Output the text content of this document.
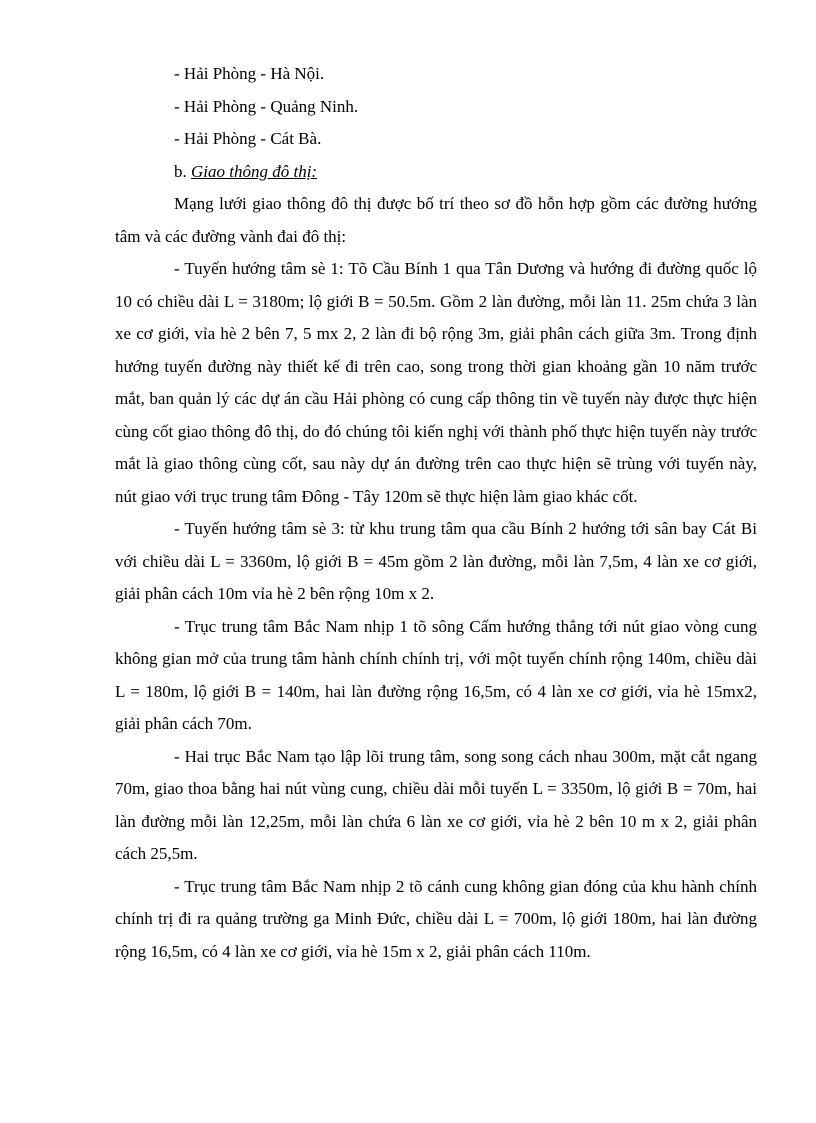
- Hải Phòng - Hà Nội.

- Hải Phòng - Quảng Ninh.

- Hải Phòng - Cát Bà.

b. Giao thông đô thị:

Mạng lưới giao thông đô thị được bố trí theo sơ đồ hỗn hợp gồm các đường hướng tâm và các đường vành đai đô thị:

- Tuyến hướng tâm sè 1: Tõ Cầu Bính 1 qua Tân Dương và hướng đi đường quốc lộ 10 có chiều dài L = 3180m; lộ giới B = 50.5m. Gồm 2 làn đường, mỗi làn 11. 25m chứa 3 làn xe cơ giới, vỉa hè 2 bên 7, 5 mx 2, 2 làn đi bộ rộng 3m, giải phân cách giữa 3m. Trong định hướng tuyến đường này thiết kế đi trên cao, song trong thời gian khoảng gần 10 năm trước mắt, ban quản lý các dự án cầu Hải phòng có cung cấp thông tin về tuyến này được thực hiện cùng cốt giao thông đô thị, do đó chúng tôi kiến nghị với thành phố thực hiện tuyến này trước mắt là giao thông cùng cốt, sau này dự án đường trên cao thực hiện sẽ trùng với tuyến này, nút giao với trục trung tâm Đông - Tây 120m sẽ thực hiện làm giao khác cốt.

- Tuyến hướng tâm sè 3: từ khu trung tâm qua cầu Bính 2 hướng tới sân bay Cát Bi với chiều dài L = 3360m, lộ giới B = 45m gồm 2 làn đường, mỗi làn 7,5m, 4 làn xe cơ giới, giải phân cách 10m vỉa hè 2 bên rộng 10m x 2.

- Trục trung tâm Bắc Nam nhịp 1 tõ sông Cấm hướng thẳng tới nút giao vòng cung không gian mở của trung tâm hành chính chính trị, với một tuyến chính rộng 140m, chiều dài L = 180m, lộ giới B = 140m, hai làn đường rộng 16,5m, có 4 làn xe cơ giới, vỉa hè 15mx2, giải phân cách 70m.

- Hai trục Bắc Nam tạo lập lõi trung tâm, song song cách nhau 300m, mặt cắt ngang 70m, giao thoa bằng hai nút vùng cung, chiều dài mỗi tuyến L = 3350m, lộ giới B = 70m, hai làn đường mỗi làn 12,25m, mỗi làn chứa 6 làn xe cơ giới, vỉa hè 2 bên 10 m x 2, giải phân cách 25,5m.

- Trục trung tâm Bắc Nam nhịp 2 tõ cánh cung không gian đóng của khu hành chính chính trị đi ra quảng trường ga Minh Đức, chiều dài L = 700m, lộ giới 180m, hai làn đường rộng 16,5m, có 4 làn xe cơ giới, vỉa hè 15m x 2, giải phân cách 110m.
